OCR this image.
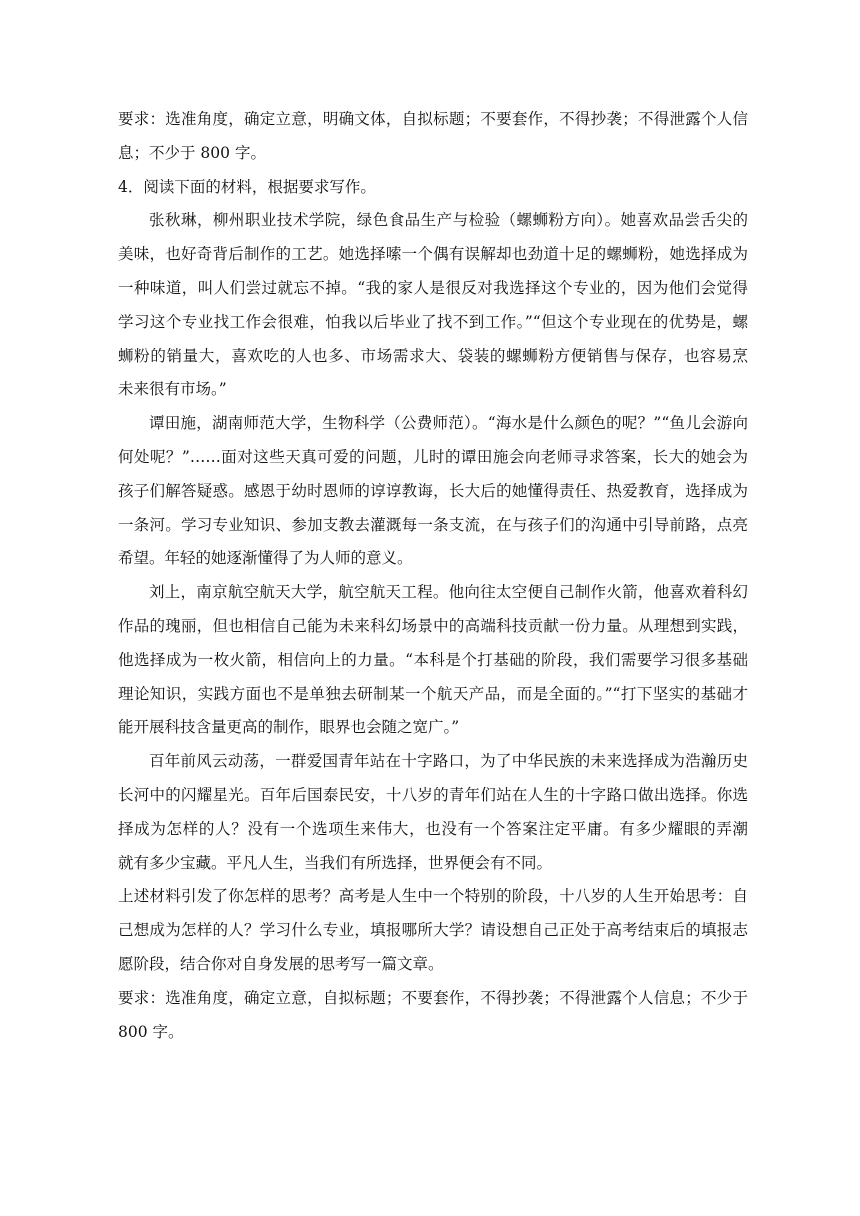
要求：选准角度，确定立意，明确文体，自拟标题；不要套作，不得抄袭；不得泄露个人信

息；不少于 800 字。

4．阅读下面的材料，根据要求写作。

张秋琳，柳州职业技术学院，绿色食品生产与检验（螺蛳粉方向）。她喜欢品尝舌尖的

美味，也好奇背后制作的工艺。她选择嗦一个偶有误解却也劲道十足的螺蛳粉，她选择成为

一种味道，叫人们尝过就忘不掉。“我的家人是很反对我选择这个专业的，因为他们会觉得

学习这个专业找工作会很难，怕我以后毕业了找不到工作。”“但这个专业现在的优势是，螺

蛳粉的销量大，喜欢吃的人也多、市场需求大、袋装的螺蛳粉方便销售与保存，也容易烹

未来很有市场。”

谭田施，湖南师范大学，生物科学（公费师范）。“海水是什么颜色的呢？”“鱼儿会游向

何处呢？”……面对这些天真可爱的问题，儿时的谭田施会向老师寻求答案，长大的她会为

孩子们解答疑惑。感恩于幼时恩师的谆谆教诲，长大后的她懂得责任、热爱教育，选择成为

一条河。学习专业知识、参加支教去灌溉每一条支流，在与孩子们的沟通中引导前路，点亮

希望。年轻的她逐渐懂得了为人师的意义。

刘上，南京航空航天大学，航空航天工程。他向往太空便自己制作火箭，他喜欢着科幻

作品的瑰丽，但也相信自己能为未来科幻场景中的高端科技贡献一份力量。从理想到实践，

他选择成为一枚火箭，相信向上的力量。“本科是个打基础的阶段，我们需要学习很多基础

理论知识，实践方面也不是单独去研制某一个航天产品，而是全面的。”“打下坚实的基础才

能开展科技含量更高的制作，眼界也会随之宽广。”

百年前风云动荡，一群爱国青年站在十字路口，为了中华民族的未来选择成为浩瀚历史

长河中的闪耀星光。百年后国泰民安，十八岁的青年们站在人生的十字路口做出选择。你选

择成为怎样的人？没有一个选项生来伟大，也没有一个答案注定平庸。有多少耀眼的弄潮

就有多少宝藏。平凡人生，当我们有所选择，世界便会有不同。

上述材料引发了你怎样的思考？高考是人生中一个特别的阶段，十八岁的人生开始思考：自

己想成为怎样的人？学习什么专业，填报哪所大学？请设想自己正处于高考结束后的填报志

愿阶段，结合你对自身发展的思考写一篇文章。

要求：选准角度，确定立意，自拟标题；不要套作，不得抄袭；不得泄露个人信息；不少于

800 字。
